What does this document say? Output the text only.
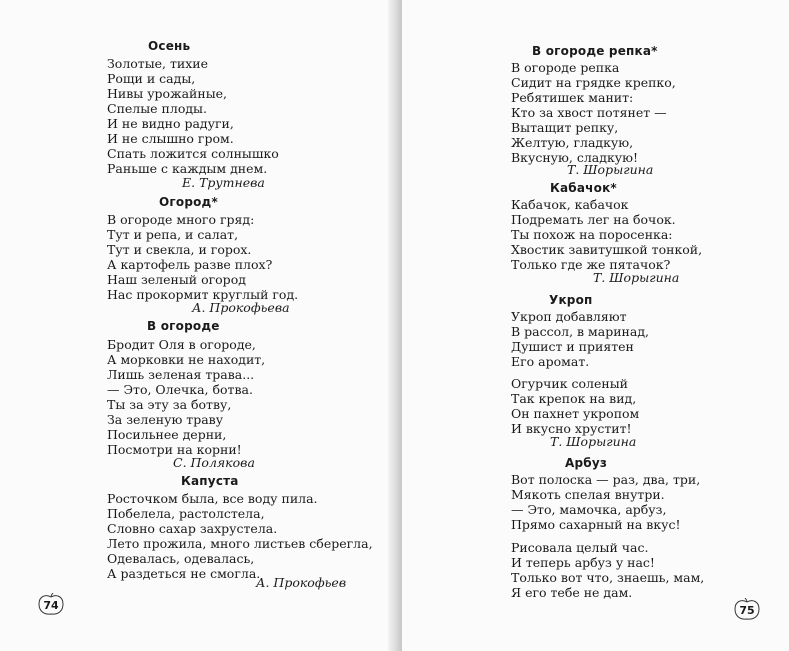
Осень
Золотые, тихие
Рощи и сады,
Нивы урожайные,
Спелые плоды.
И не видно радуги,
И не слышно гром.
Спать ложится солнышко
Раньше с каждым днем.
Е. Трутнева
Огород*
В огороде много гряд:
Тут и репа, и салат,
Тут и свекла, и горох.
А картофель разве плох?
Наш зеленый огород
Нас прокормит круглый год.
А. Прокофьева
В огороде
Бродит Оля в огороде,
А морковки не находит,
Лишь зеленая трава...
— Это, Олечка, ботва.
Ты за эту за ботву,
За зеленую траву
Посильнее дерни,
Посмотри на корни!
С. Полякова
Капуста
Росточком была, все воду пила.
Побелела, растолстела,
Словно сахар захрустела.
Лето прожила, много листьев сберегла,
Одевалась, одевалась,
А раздеться не смогла.
А. Прокофьев
74
В огороде репка*
В огороде репка
Сидит на грядке крепко,
Ребятишек манит:
Кто за хвост потянет —
Вытащит репку,
Желтую, гладкую,
Вкусную, сладкую!
Т. Шорыгина
Кабачок*
Кабачок, кабачок
Подремать лег на бочок.
Ты похож на поросенка:
Хвостик завитушкой тонкой,
Только где же пятачок?
Т. Шорыгина
Укроп
Укроп добавляют
В рассол, в маринад,
Душист и приятен
Его аромат.
Огурчик соленый
Так крепок на вид,
Он пахнет укропом
И вкусно хрустит!
Т. Шорыгина
Арбуз
Вот полоска — раз, два, три,
Мякоть спелая внутри.
— Это, мамочка, арбуз,
Прямо сахарный на вкус!
Рисовала целый час.
И теперь арбуз у нас!
Только вот что, знаешь, мам,
Я его тебе не дам.
75
